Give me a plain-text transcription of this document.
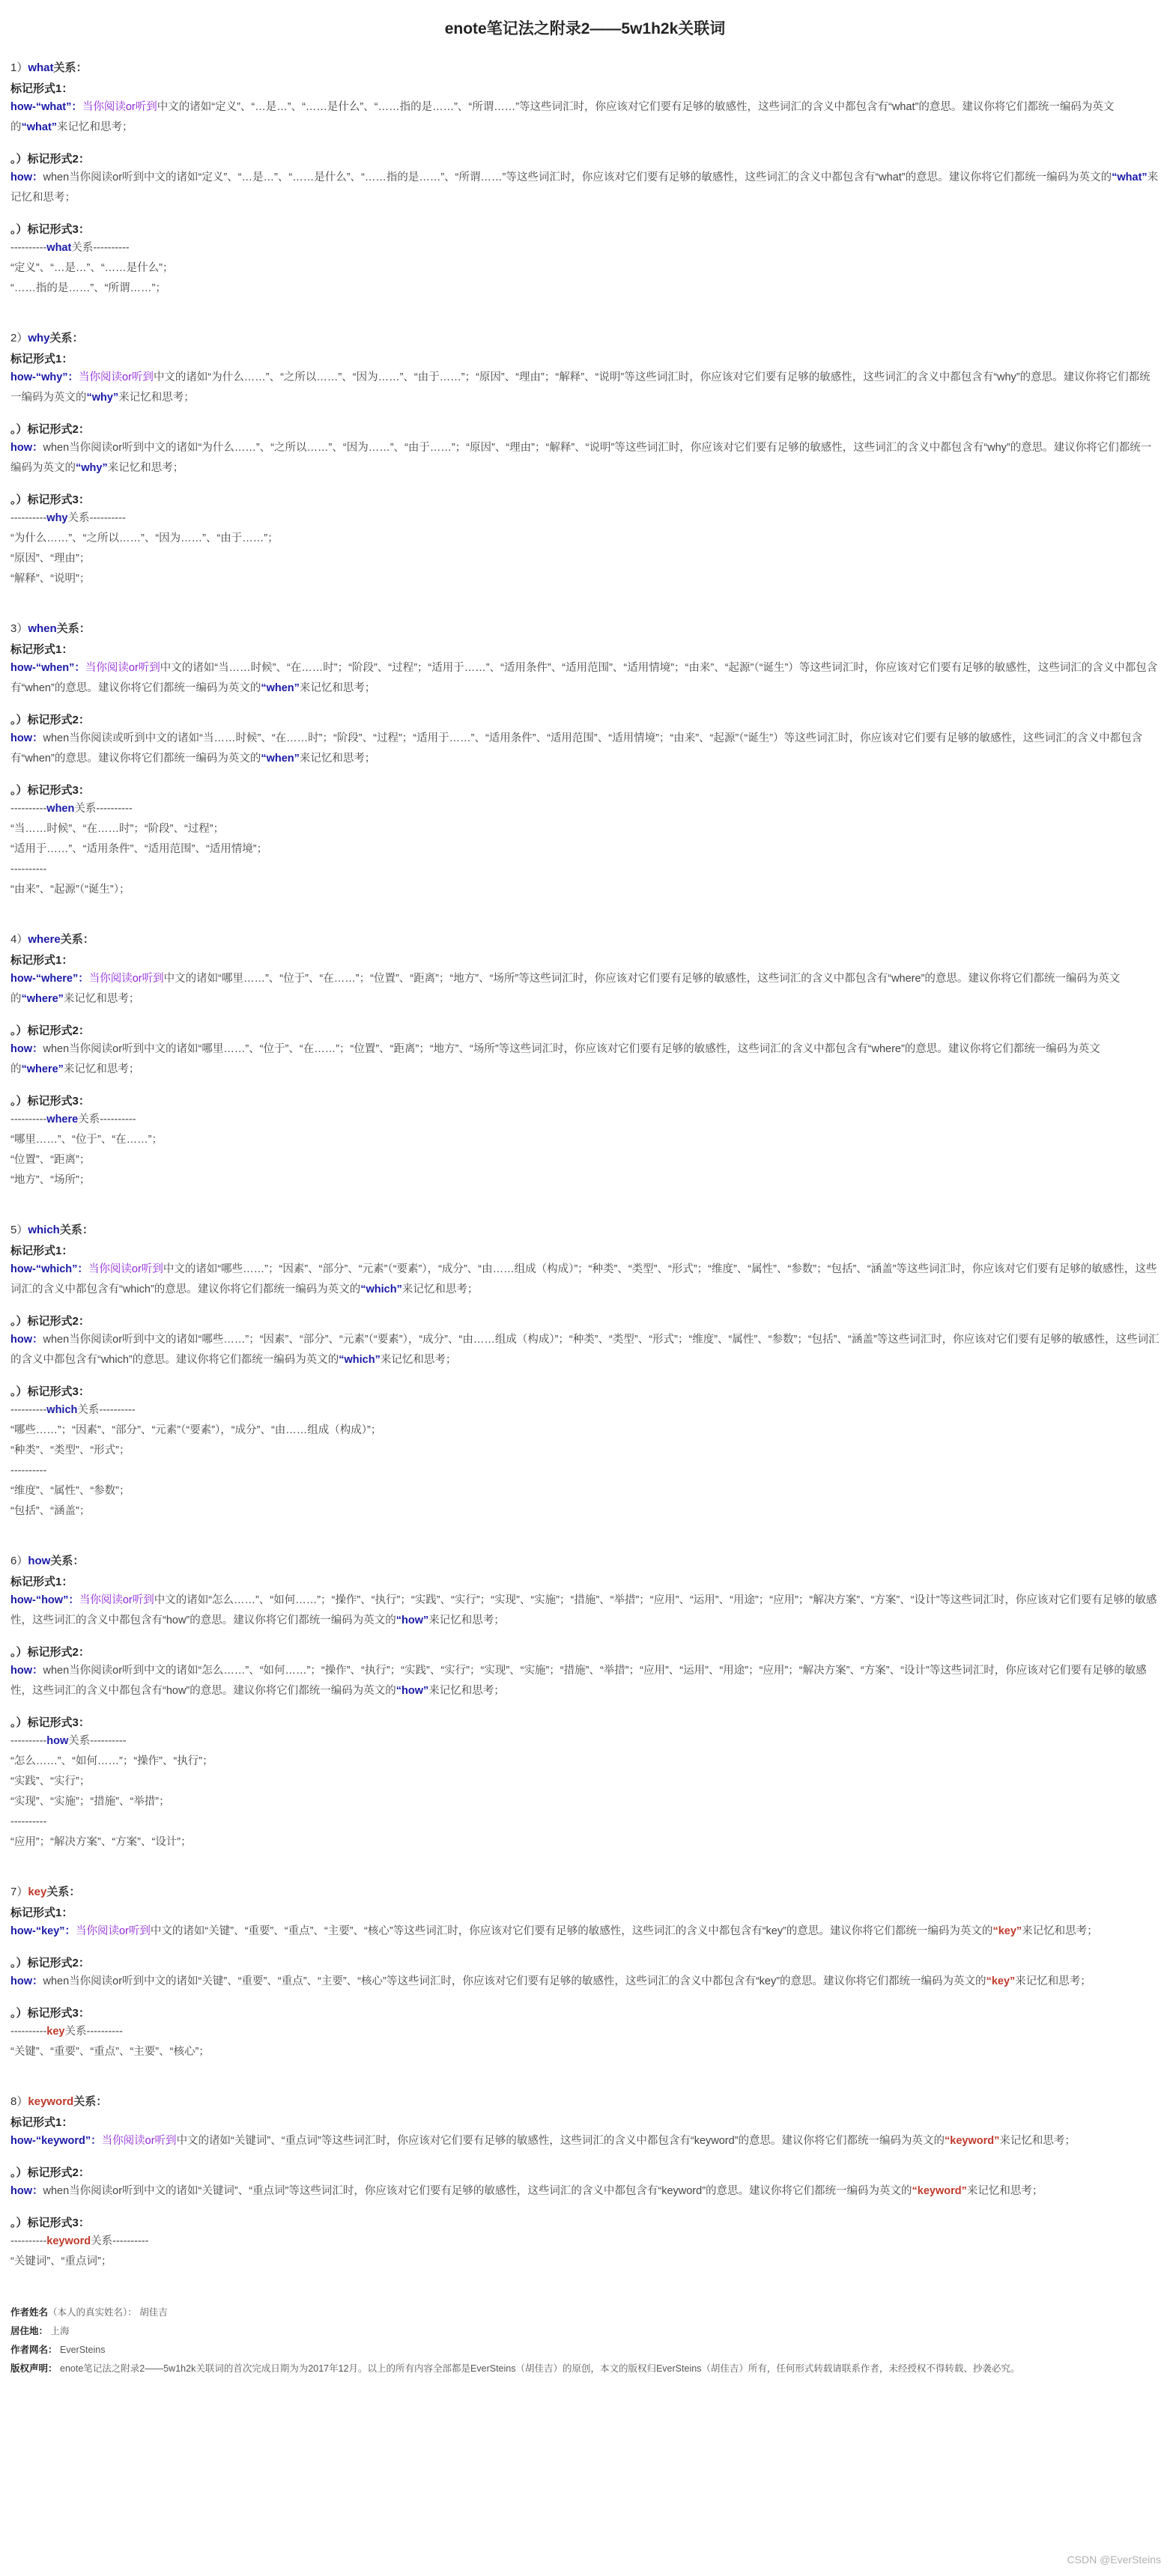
enote笔记法之附录2——5w1h2k关联词
1）what关系：
标记形式1：
how-“what”：当你阅读or听到中文的诸如“定义”、“…是…”、“……是什么”、“……指的是……”、“所谓……”等这些词汇时，你应该对它们要有足够的敏感性，这些词汇的含义中都包含有“what”的意思。建议你将它们都统一编码为英文的“what”来记忆和思考；
。）标记形式2：
how：when当你阅读or听到中文的诸如“定义”、“…是…”、“……是什么”、“……指的是……”、“所谓……”等这些词汇时，你应该对它们要有足够的敏感性，这些词汇的含义中都包含有“what”的意思。建议你将它们都统一编码为英文的“what”来记忆和思考；
。）标记形式3：
----------what关系----------
“定义”、“…是…”、“……是什么”；
“……指的是……”、“所谓……”；
2）why关系：
标记形式1：
how-“why”：当你阅读or听到中文的诸如“为什么……”、“之所以……”、“因为……”、“由于……”；“原因”、“理由”；“解释”、“说明”等这些词汇时，你应该对它们要有足够的敏感性，这些词汇的含义中都包含有“why”的意思。建议你将它们都统一编码为英文的“why”来记忆和思考；
。）标记形式2：
how：when当你阅读or听到中文的诸如“为什么……”、“之所以……”、“因为……”、“由于……”；“原因”、“理由”；“解释”、“说明”等这些词汇时，你应该对它们要有足够的敏感性，这些词汇的含义中都包含有“why”的意思。建议你将它们都统一编码为英文的“why”来记忆和思考；
。）标记形式3：
----------why关系----------
“为什么……”、“之所以……”、“因为……”、“由于……”；
“原因”、“理由”；
“解释”、“说明”；
3）when关系：
标记形式1：
how-“when”：当你阅读or听到中文的诸如“当……时候”、“在……时”；“阶段”、“过程”；“适用于……”、“适用条件”、“适用范围”、“适用情境”；“由来”、“起源”（“诞生”）等这些词汇时，你应该对它们要有足够的敏感性，这些词汇的含义中都包含有“when”的意思。建议你将它们都统一编码为英文的“when”来记忆和思考；
。）标记形式2：
how：when当你阅读或听到中文的诸如“当……时候”、“在……时”；“阶段”、“过程”；“适用于……”、“适用条件”、“适用范围”、“适用情境”；“由来”、“起源”（“诞生”）等这些词汇时，你应该对它们要有足够的敏感性，这些词汇的含义中都包含有“when”的意思。建议你将它们都统一编码为英文的“when”来记忆和思考；
。）标记形式3：
----------when关系----------
“当……时候”、“在……时”；“阶段”、“过程”；
“适用于……”、“适用条件”、“适用范围”、“适用情境”；
----------
“由来”、“起源”（“诞生”）；
4）where关系：
标记形式1：
how-“where”：当你阅读or听到中文的诸如“哪里……”、“位于”、“在……”；“位置”、“距离”；“地方”、“场所”等这些词汇时，你应该对它们要有足够的敏感性，这些词汇的含义中都包含有“where”的意思。建议你将它们都统一编码为英文的“where”来记忆和思考；
。）标记形式2：
how：when当你阅读or听到中文的诸如“哪里……”、“位于”、“在……”；“位置”、“距离”；“地方”、“场所”等这些词汇时，你应该对它们要有足够的敏感性，这些词汇的含义中都包含有“where”的意思。建议你将它们都统一编码为英文的“where”来记忆和思考；
。）标记形式3：
----------where关系----------
“哪里……”、“位于”、“在……”；
“位置”、“距离”；
“地方”、“场所”；
5）which关系：
标记形式1：
how-“which”：当你阅读or听到中文的诸如“哪些……”；“因素”、“部分”、“元素”（“要素”），“成分”、“由……组成（构成）”；“种类”、“类型”、“形式”；“维度”、“属性”、“参数”；“包括”、“涵盖”等这些词汇时，你应该对它们要有足够的敏感性，这些词汇的含义中都包含有“which”的意思。建议你将它们都统一编码为英文的“which”来记忆和思考；
。）标记形式2：
how：when当你阅读or听到中文的诸如“哪些……”；“因素”、“部分”、“元素”（“要素”），“成分”、“由……组成（构成）”；“种类”、“类型”、“形式”；“维度”、“属性”、“参数”；“包括”、“涵盖”等这些词汇时，你应该对它们要有足够的敏感性，这些词汇的含义中都包含有“which”的意思。建议你将它们都统一编码为英文的“which”来记忆和思考；
。）标记形式3：
----------which关系----------
“哪些……”；“因素”、“部分”、“元素”（“要素”），“成分”、“由……组成（构成）”；
“种类”、“类型”、“形式”；
----------
“维度”、“属性”、“参数”；
“包括”、“涵盖”；
6）how关系：
标记形式1：
how-“how”：当你阅读or听到中文的诸如“怎么……”、“如何……”；“操作”、“执行”；“实践”、“实行”；“实现”、“实施”；“措施”、“举措”；“应用”、“运用”、“用途”；“应用”；“解决方案”、“方案”、“设计”等这些词汇时，你应该对它们要有足够的敏感性，这些词汇的含义中都包含有“how”的意思。建议你将它们都统一编码为英文的“how”来记忆和思考；
。）标记形式2：
how：when当你阅读or听到中文的诸如“怎么……”、“如何……”；“操作”、“执行”；“实践”、“实行”；“实现”、“实施”；“措施”、“举措”；“应用”、“运用”、“用途”；“应用”；“解决方案”、“方案”、“设计”等这些词汇时，你应该对它们要有足够的敏感性，这些词汇的含义中都包含有“how”的意思。建议你将它们都统一编码为英文的“how”来记忆和思考；
。）标记形式3：
----------how关系----------
“怎么……”、“如何……”；“操作”、“执行”；
“实践”、“实行”；
“实现”、“实施”；“措施”、“举措”；
----------
“应用”；“解决方案”、“方案”、“设计”；
7）key关系：
标记形式1：
how-“key”：当你阅读or听到中文的诸如“关键”、“重要”、“重点”、“主要”、“核心”等这些词汇时，你应该对它们要有足够的敏感性，这些词汇的含义中都包含有“key”的意思。建议你将它们都统一编码为英文的“key”来记忆和思考；
。）标记形式2：
how：when当你阅读or听到中文的诸如“关键”、“重要”、“重点”、“主要”、“核心”等这些词汇时，你应该对它们要有足够的敏感性，这些词汇的含义中都包含有“key”的意思。建议你将它们都统一编码为英文的“key”来记忆和思考；
。）标记形式3：
----------key关系----------
“关键”、“重要”、“重点”、“主要”、“核心”；
8）keyword关系：
标记形式1：
how-“keyword”：当你阅读or听到中文的诸如“关键词”、“重点词”等这些词汇时，你应该对它们要有足够的敏感性，这些词汇的含义中都包含有“keyword”的意思。建议你将它们都统一编码为英文的“keyword”来记忆和思考；
。）标记形式2：
how：when当你阅读or听到中文的诸如“关键词”、“重点词”等这些词汇时，你应该对它们要有足够的敏感性，这些词汇的含义中都包含有“keyword”的意思。建议你将它们都统一编码为英文的“keyword”来记忆和思考；
。）标记形式3：
----------keyword关系----------
“关键词”、“重点词”；
作者姓名（本人的真实姓名）： 胡佳吉
居住地： 上海
作者网名： EverSteins
版权声明： enote笔记法之附录2——5w1h2k关联词的首次完成日期为为2017年12月。以上的所有内容全部都是EverSteins（胡佳吉）的原创，本文的版权归EverSteins（胡佳吉）所有，任何形式转载请联系作者，未经授权不得转载、抄袭必究。
CSDN @EverSteins
